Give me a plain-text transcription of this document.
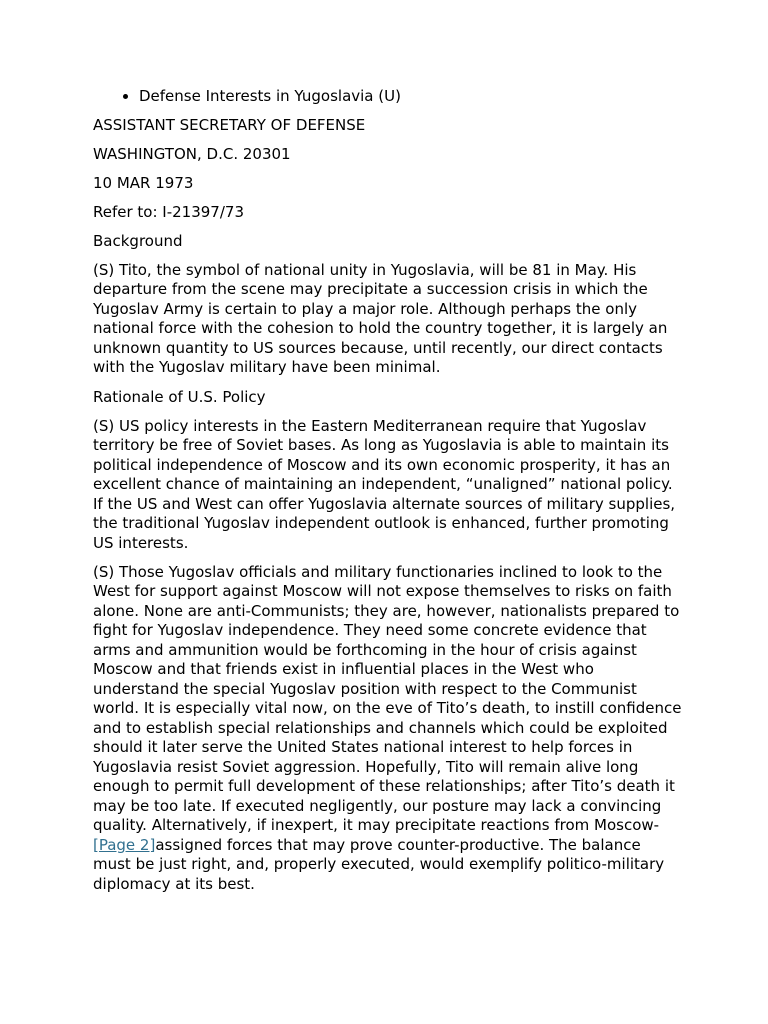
• Defense Interests in Yugoslavia (U)

ASSISTANT SECRETARY OF DEFENSE

WASHINGTON, D.C. 20301

10 MAR 1973

Refer to: I-21397/73

Background

(S) Tito, the symbol of national unity in Yugoslavia, will be 81 in May. His departure from the scene may precipitate a succession crisis in which the Yugoslav Army is certain to play a major role. Although perhaps the only national force with the cohesion to hold the country together, it is largely an unknown quantity to US sources because, until recently, our direct contacts with the Yugoslav military have been minimal.

Rationale of U.S. Policy

(S) US policy interests in the Eastern Mediterranean require that Yugoslav territory be free of Soviet bases. As long as Yugoslavia is able to maintain its political independence of Moscow and its own economic prosperity, it has an excellent chance of maintaining an independent, “unaligned” national policy. If the US and West can offer Yugoslavia alternate sources of military supplies, the traditional Yugoslav independent outlook is enhanced, further promoting US interests.

(S) Those Yugoslav officials and military functionaries inclined to look to the West for support against Moscow will not expose themselves to risks on faith alone. None are anti-Communists; they are, however, nationalists prepared to fight for Yugoslav independence. They need some concrete evidence that arms and ammunition would be forthcoming in the hour of crisis against Moscow and that friends exist in influential places in the West who understand the special Yugoslav position with respect to the Communist world. It is especially vital now, on the eve of Tito’s death, to instill confidence and to establish special relationships and channels which could be exploited should it later serve the United States national interest to help forces in Yugoslavia resist Soviet aggression. Hopefully, Tito will remain alive long enough to permit full development of these relationships; after Tito’s death it may be too late. If executed negligently, our posture may lack a convincing quality. Alternatively, if inexpert, it may precipitate reactions from Moscow-[Page 2]assigned forces that may prove counter-productive. The balance must be just right, and, properly executed, would exemplify politico-military diplomacy at its best.
